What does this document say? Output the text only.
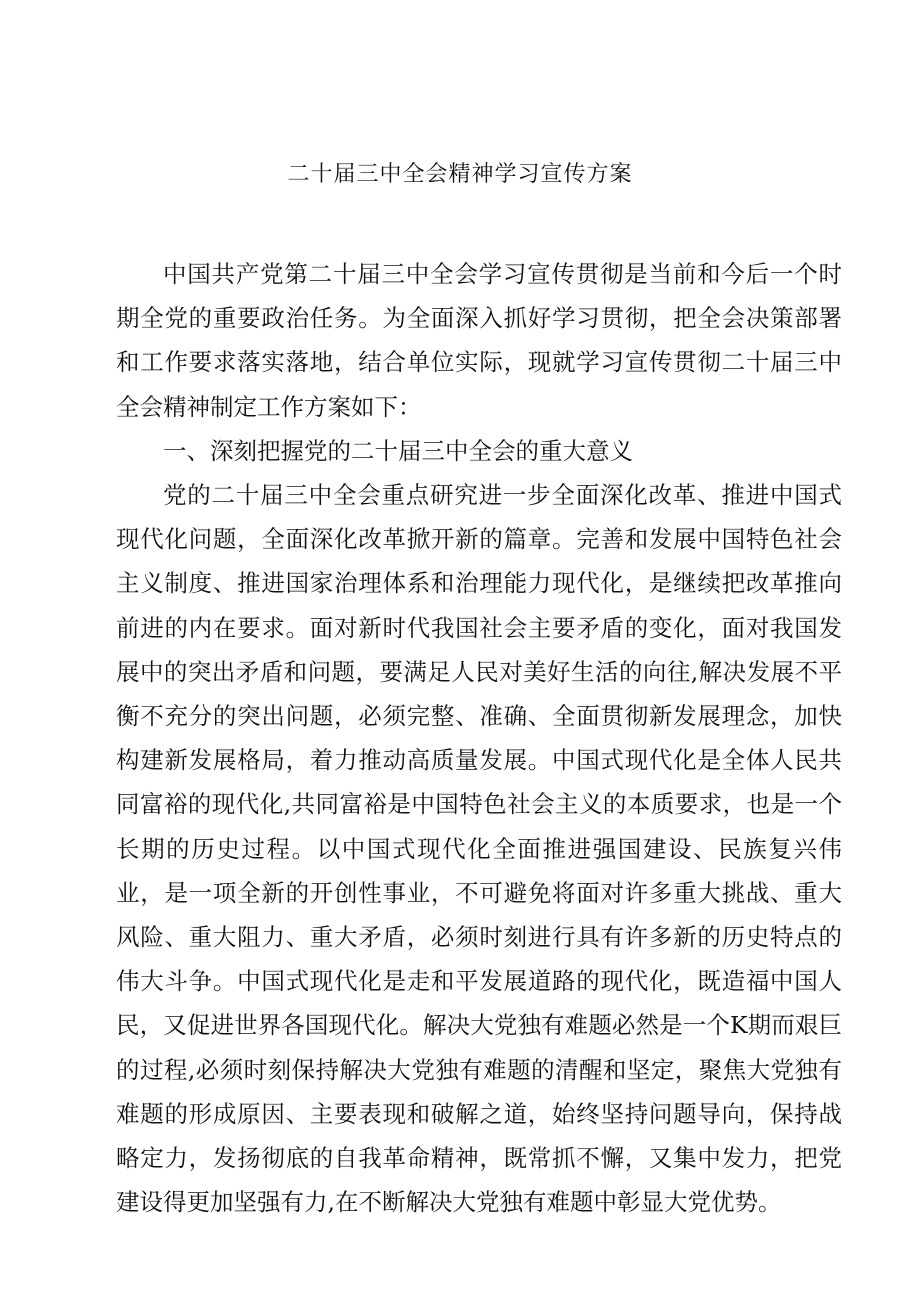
二十届三中全会精神学习宣传方案

中国共产党第二十届三中全会学习宣传贯彻是当前和今后一个时期全党的重要政治任务。为全面深入抓好学习贯彻，把全会决策部署和工作要求落实落地，结合单位实际，现就学习宣传贯彻二十届三中全会精神制定工作方案如下：

一、深刻把握党的二十届三中全会的重大意义

党的二十届三中全会重点研究进一步全面深化改革、推进中国式现代化问题，全面深化改革掀开新的篇章。完善和发展中国特色社会主义制度、推进国家治理体系和治理能力现代化，是继续把改革推向前进的内在要求。面对新时代我国社会主要矛盾的变化，面对我国发展中的突出矛盾和问题，要满足人民对美好生活的向往,解决发展不平衡不充分的突出问题，必须完整、准确、全面贯彻新发展理念，加快构建新发展格局，着力推动高质量发展。中国式现代化是全体人民共同富裕的现代化,共同富裕是中国特色社会主义的本质要求，也是一个长期的历史过程。以中国式现代化全面推进强国建设、民族复兴伟业，是一项全新的开创性事业，不可避免将面对许多重大挑战、重大风险、重大阻力、重大矛盾，必须时刻进行具有许多新的历史特点的伟大斗争。中国式现代化是走和平发展道路的现代化，既造福中国人民，又促进世界各国现代化。解决大党独有难题必然是一个K期而艰巨的过程,必须时刻保持解决大党独有难题的清醒和坚定，聚焦大党独有难题的形成原因、主要表现和破解之道，始终坚持问题导向，保持战略定力，发扬彻底的自我革命精神，既常抓不懈，又集中发力，把党建设得更加坚强有力,在不断解决大党独有难题中彰显大党优势。
